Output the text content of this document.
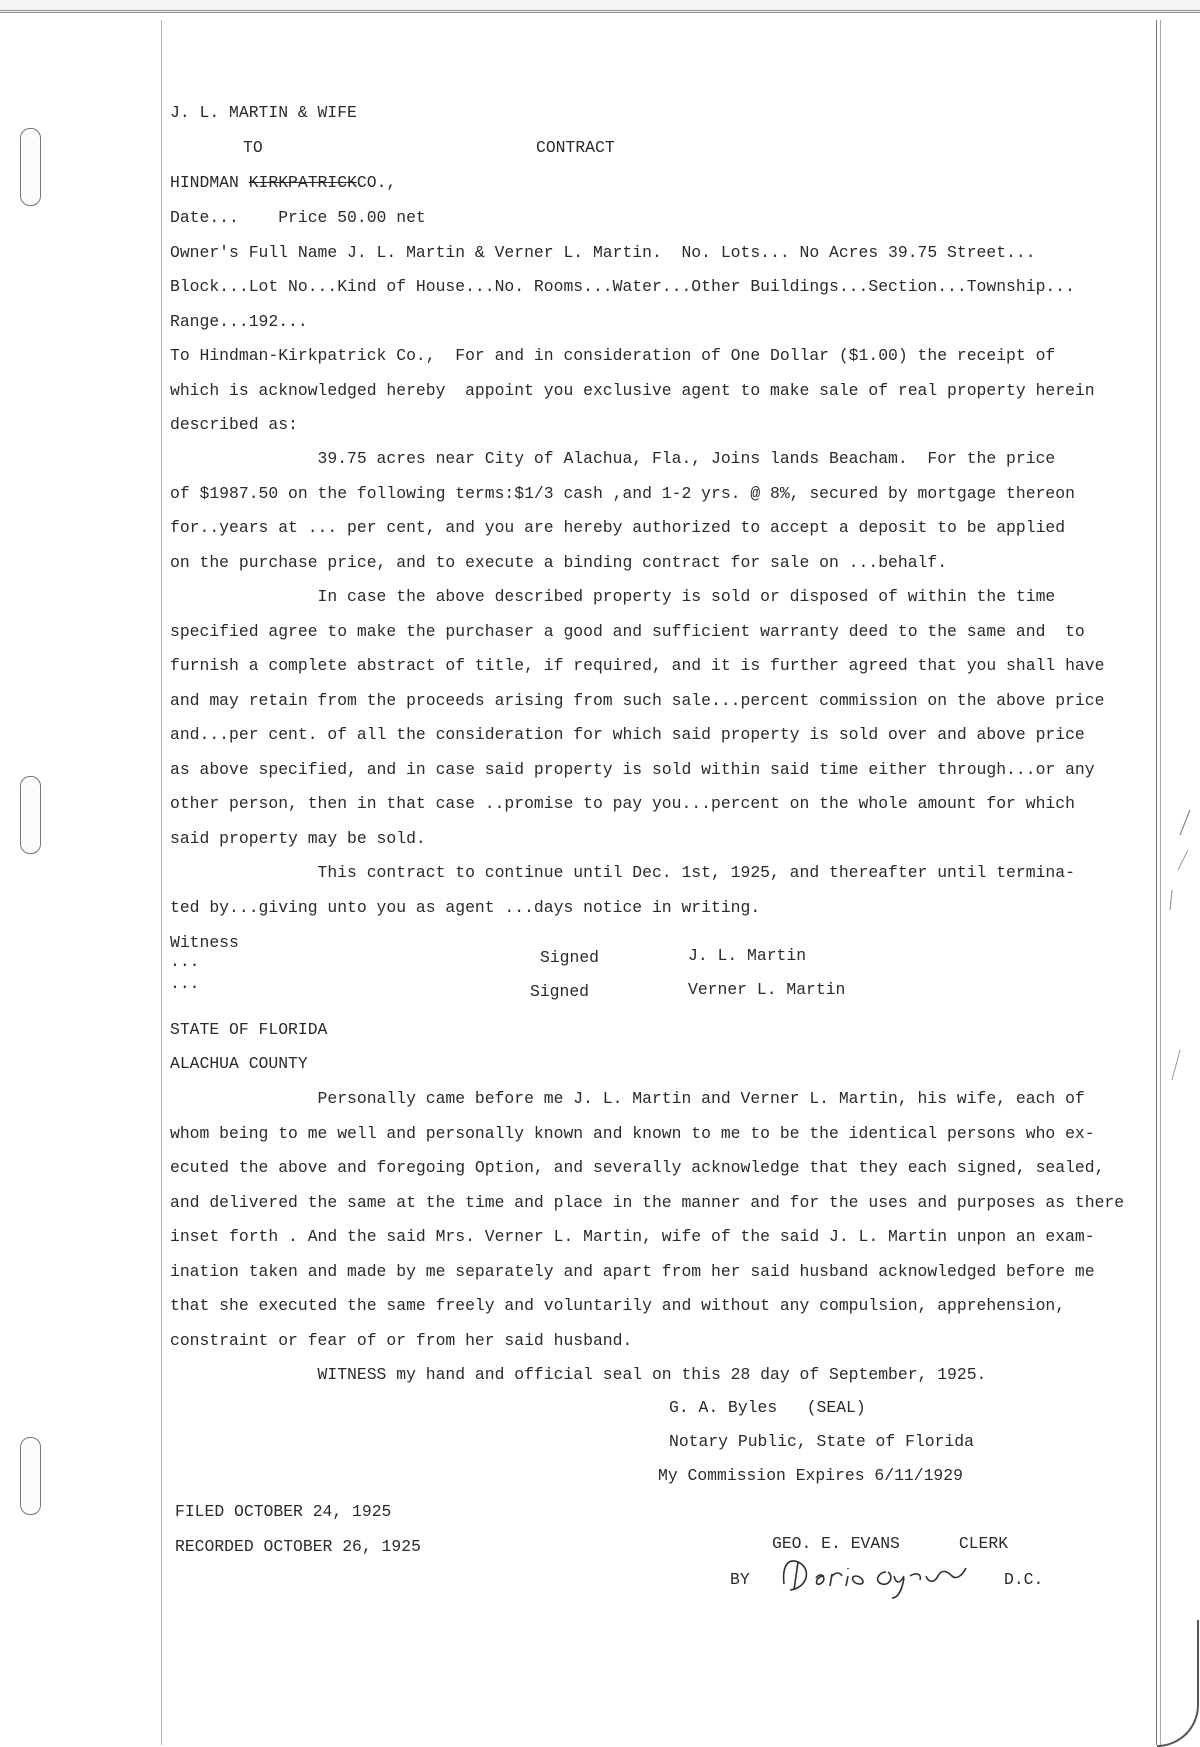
J. L. MARTIN & WIFE

TO	CONTRACT

HINDMAN KIRKPATRICKCO.,

Date...    Price 50.00 net

Owner's Full Name J. L. Martin & Verner L. Martin.  No. Lots... No Acres 39.75 Street...

Block...Lot No...Kind of House...No. Rooms...Water...Other Buildings...Section...Township...

Range...192...

To Hindman-Kirkpatrick Co.,  For and in consideration of One Dollar ($1.00) the receipt of

which is acknowledged hereby  appoint you exclusive agent to make sale of real property herein

described as:

39.75 acres near City of Alachua, Fla., Joins lands Beacham.  For the price

of $1987.50 on the following terms:$1/3 cash ,and 1-2 yrs. @ 8%, secured by mortgage thereon

for..years at ... per cent, and you are hereby authorized to accept a deposit to be applied

on the purchase price, and to execute a binding contract for sale on ...behalf.

In case the above described property is sold or disposed of within the time

specified agree to make the purchaser a good and sufficient warranty deed to the same and  to

furnish a complete abstract of title, if required, and it is further agreed that you shall have

and may retain from the proceeds arising from such sale...percent commission on the above price

and...per cent. of all the consideration for which said property is sold over and above price

as above specified, and in case said property is sold within said time either through...or any

other person, then in that case ..promise to pay you...percent on the whole amount for which

said property may be sold.

This contract to continue until Dec. 1st, 1925, and thereafter until termina-

ted by...giving unto you as agent ...days notice in writing.

Witness

...

...

Signed	J. L. Martin

Signed	Verner L. Martin

STATE OF FLORIDA

ALACHUA COUNTY

Personally came before me J. L. Martin and Verner L. Martin, his wife, each of

whom being to me well and personally known and known to me to be the identical persons who ex-

ecuted the above and foregoing Option, and severally acknowledge that they each signed, sealed,

and delivered the same at the time and place in the manner and for the uses and purposes as there

inset forth . And the said Mrs. Verner L. Martin, wife of the said J. L. Martin unpon an exam-

ination taken and made by me separately and apart from her said husband acknowledged before me

that she executed the same freely and voluntarily and without any compulsion, apprehension,

constraint or fear of or from her said husband.

WITNESS my hand and official seal on this 28 day of September, 1925.

G. A. Byles   (SEAL)

Notary Public, State of Florida

My Commission Expires 6/11/1929

FILED OCTOBER 24, 1925

RECORDED OCTOBER 26, 1925	GEO. E. EVANS      CLERK

BY	D.C.
